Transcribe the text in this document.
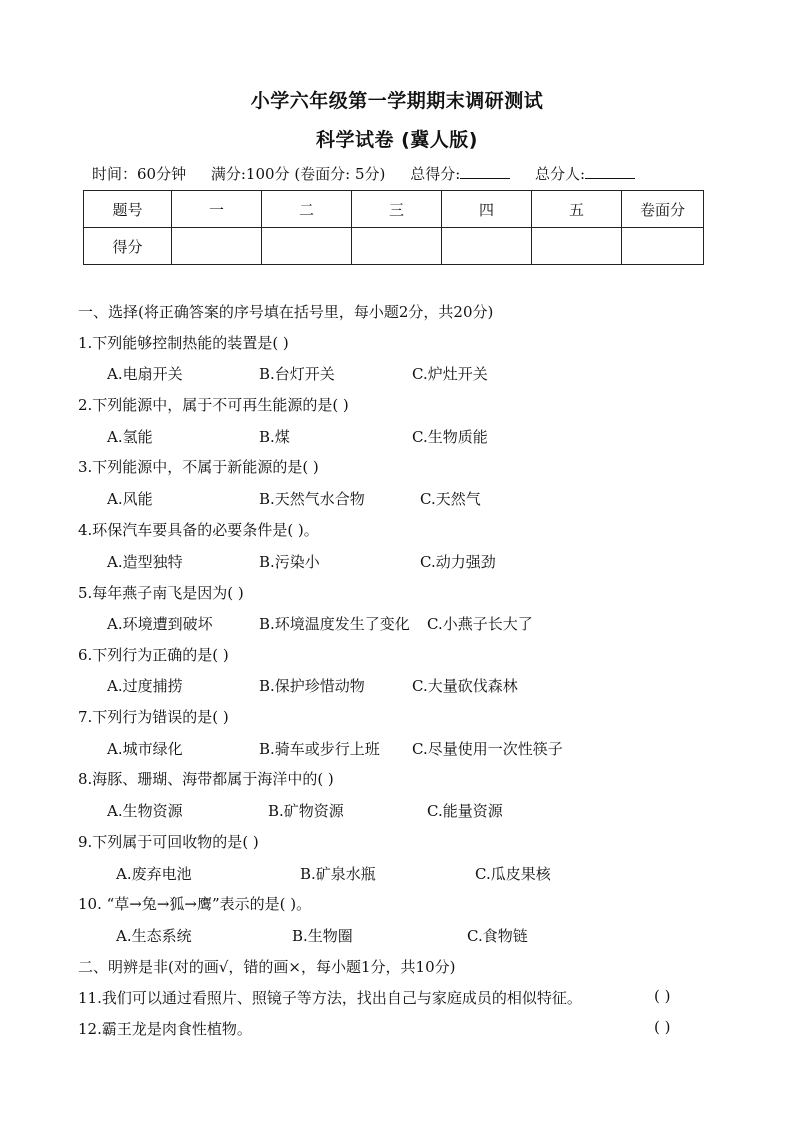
小学六年级第一学期期末调研测试
科学试卷 (冀人版)
时间：60分钟 满分:100分 (卷面分: 5分) 总得分:	总分人:
题号	一	二	三	四	五	卷面分
得分						
一、选择(将正确答案的序号填在括号里，每小题2分，共20分)
1.下列能够控制热能的装置是( )
A.电扇开关	B.台灯开关	C.炉灶开关
2.下列能源中，属于不可再生能源的是( )
A.氢能	B.煤	C.生物质能
3.下列能源中，不属于新能源的是( )
A.风能	B.天然气水合物	C.天然气
4.环保汽车要具备的必要条件是( )。
A.造型独特	B.污染小	C.动力强劲
5.每年燕子南飞是因为( )
A.环境遭到破坏	B.环境温度发生了变化 C.小燕子长大了
6.下列行为正确的是( )
A.过度捕捞	B.保护珍惜动物	C.大量砍伐森林
7.下列行为错误的是( )
A.城市绿化	B.骑车或步行上班 C.尽量使用一次性筷子
8.海豚、珊瑚、海带都属于海洋中的( )
A.生物资源	B.矿物资源	C.能量资源
9.下列属于可回收物的是( )
A.废弃电池	B.矿泉水瓶	C.瓜皮果核
10. “草→兔→狐→鹰”表示的是( )。
A.生态系统	B.生物圈	C.食物链
二、明辨是非(对的画√，错的画×，每小题1分，共10分)
11.我们可以通过看照片、照镜子等方法，找出自己与家庭成员的相似特征。	( )
12.霸王龙是肉食性植物。	( )
